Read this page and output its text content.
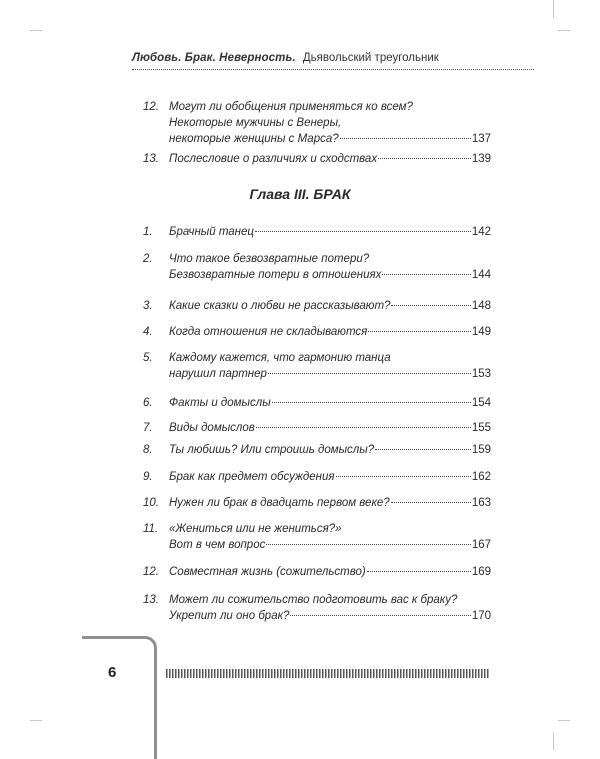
Любовь. Брак. Неверность. Дьявольский треугольник
12. Могут ли обобщения применяться ко всем?
Некоторые мужчины с Венеры,
некоторые женщины с Марса?	137
13. Послесловие о различиях и сходствах	139
Глава III. БРАК
1.	Брачный танец	142
2.	Что такое безвозвратные потери?
Безвозвратные потери в отношениях	144
3.	Какие сказки о любви не рассказывают?	148
4.	Когда отношения не складываются	149
5.	Каждому кажется, что гармонию танца
нарушил партнер	153
6.	Факты и домыслы	154
7.	Виды домыслов	155
8.	Ты любишь? Или строишь домыслы?	159
9.	Брак как предмет обсуждения	162
10. Нужен ли брак в двадцать первом веке?	163
11. «Жениться или не жениться?»
Вот в чем вопрос	167
12. Совместная жизнь (сожительство)	169
13. Может ли сожительство подготовить вас к браку?
Укрепит ли оно брак?	170
6
